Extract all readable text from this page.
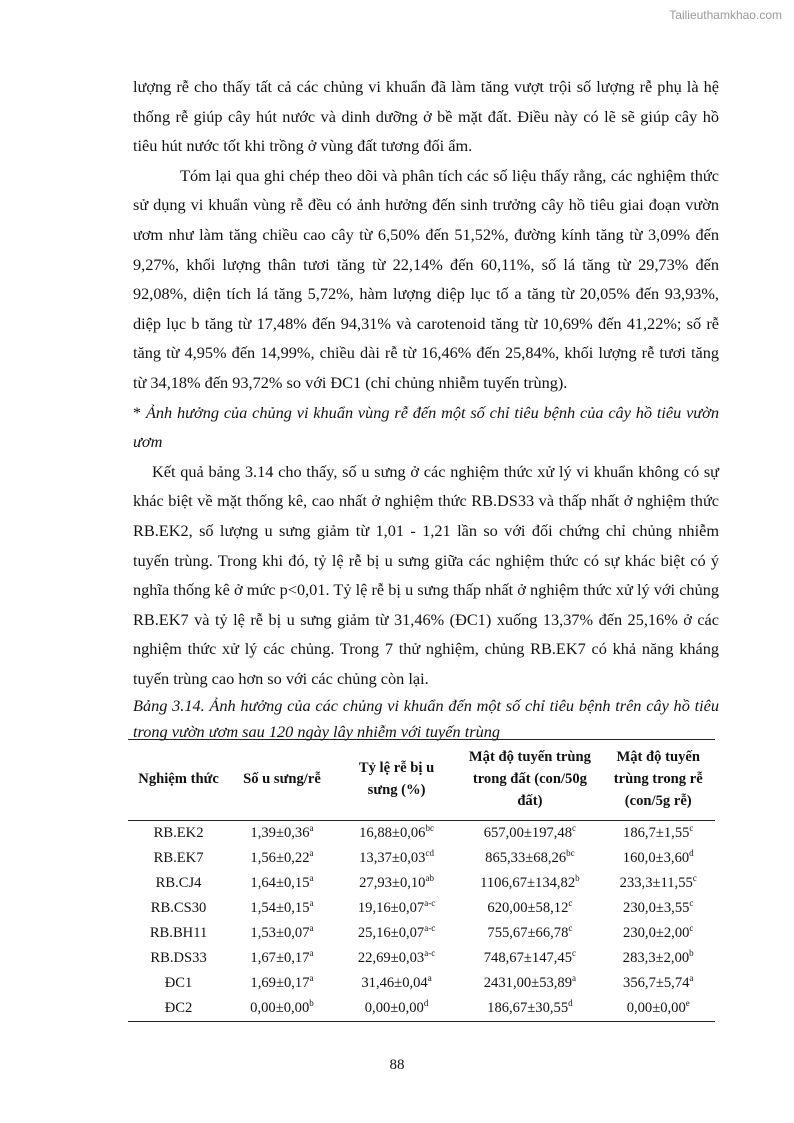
Tailieuthamkhao.com

lượng rễ cho thấy tất cả các chủng vi khuẩn đã làm tăng vượt trội số lượng rễ phụ là hệ thống rễ giúp cây hút nước và dinh dưỡng ở bề mặt đất. Điều này có lẽ sẽ giúp cây hồ tiêu hút nước tốt khi trồng ở vùng đất tương đối ẩm.

Tóm lại qua ghi chép theo dõi và phân tích các số liệu thấy rằng, các nghiệm thức sử dụng vi khuẩn vùng rễ đều có ảnh hưởng đến sinh trưởng cây hồ tiêu giai đoạn vườn ươm như làm tăng chiều cao cây từ 6,50% đến 51,52%, đường kính tăng từ 3,09% đến 9,27%, khối lượng thân tươi tăng từ 22,14% đến 60,11%, số lá tăng từ 29,73% đến 92,08%, diện tích lá tăng 5,72%, hàm lượng diệp lục tố a tăng từ 20,05% đến 93,93%, diệp lục b tăng từ 17,48% đến 94,31% và carotenoid tăng từ 10,69% đến 41,22%; số rễ tăng từ 4,95% đến 14,99%, chiều dài rễ từ 16,46% đến 25,84%, khối lượng rễ tươi tăng từ 34,18% đến 93,72% so với ĐC1 (chỉ chủng nhiễm tuyến trùng).

* Ảnh hưởng của chủng vi khuẩn vùng rễ đến một số chỉ tiêu bệnh của cây hồ tiêu vườn ươm

Kết quả bảng 3.14 cho thấy, số u sưng ở các nghiệm thức xử lý vi khuẩn không có sự khác biệt về mặt thống kê, cao nhất ở nghiệm thức RB.DS33 và thấp nhất ở nghiệm thức RB.EK2, số lượng u sưng giảm từ 1,01 - 1,21 lần so với đối chứng chỉ chủng nhiễm tuyến trùng. Trong khi đó, tỷ lệ rễ bị u sưng giữa các nghiệm thức có sự khác biệt có ý nghĩa thống kê ở mức p<0,01. Tỷ lệ rễ bị u sưng thấp nhất ở nghiệm thức xử lý với chủng RB.EK7 và tỷ lệ rễ bị u sưng giảm từ 31,46% (ĐC1) xuống 13,37% đến 25,16% ở các nghiệm thức xử lý các chủng. Trong 7 thử nghiệm, chủng RB.EK7 có khả năng kháng tuyến trùng cao hơn so với các chủng còn lại.

Bảng 3.14. Ảnh hưởng của các chủng vi khuẩn đến một số chỉ tiêu bệnh trên cây hồ tiêu trong vườn ươm sau 120 ngày lây nhiễm với tuyến trùng

Nghiệm thức	Số u sưng/rễ	Tỷ lệ rễ bị u sưng (%)	Mật độ tuyến trùng trong đất (con/50g đất)	Mật độ tuyến trùng trong rễ (con/5g rễ)
RB.EK2	1,39±0,36$^a$	16,88±0,06$^{bc}$	657,00±197,48$^c$	186,7±1,55$^c$
RB.EK7	1,56±0,22$^a$	13,37±0,03$^{cd}$	865,33±68,26$^{bc}$	160,0±3,60$^d$
RB.CJ4	1,64±0,15$^a$	27,93±0,10$^{ab}$	1106,67±134,82$^b$	233,3±11,55$^c$
RB.CS30	1,54±0,15$^a$	$19,16\pm 0,07^{a-c}$	620,00±58,12$^c$	230,0±3,55$^c$
RB.BH11	1,53±0,07$^a$	$25,16\pm 0,07^{a-c}$	755,67±66,78$^c$	230,0±2,00$^c$
RB.DS33	1,67±0,17$^a$	$22,69\pm 0,03^{a-c}$	748,67±147,45$^c$	283,3±2,00$^b$
ĐC1	1,69±0,17$^a$	31,46±0,04$^a$	2431,00±53,89$^a$	356,7±5,74$^a$
ĐC2	0,00±0,00$^b$	0,00±0,00$^d$	186,67±30,55$^d$	0,00±0,00$^e$
88
